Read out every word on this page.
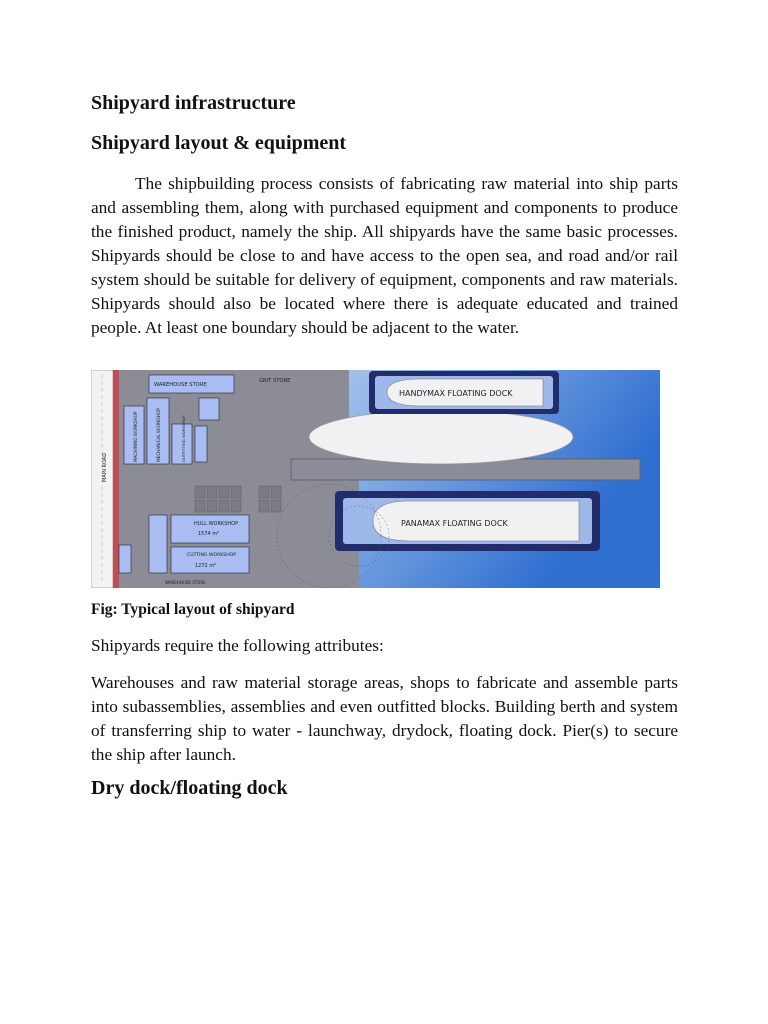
Shipyard infrastructure
Shipyard layout & equipment

The shipbuilding process consists of fabricating raw material into ship parts and assembling them, along with purchased equipment and components to produce the finished product, namely the ship. All shipyards have the same basic processes. Shipyards should be close to and have access to the open sea, and road and/or rail system should be suitable for delivery of equipment, components and raw materials. Shipyards should also be located where there is adequate educated and trained people. At least one boundary should be adjacent to the water.

MAIN ROAD
WAREHOUSE STORE
GRIT STORE
MACHINING WORKSHOP	MECHANICAL WORKSHOP	OUTFITTING WORKSHOP
HULL WORKSHOP
1574 m²
CUTTING WORKSHOP
1272 m²
WAREHOUSE STORE
HANDYMAX FLOATING DOCK
PANAMAX FLOATING DOCK

Fig: Typical layout of shipyard

Shipyards require the following attributes:

Warehouses and raw material storage areas, shops to fabricate and assemble parts into subassemblies, assemblies and even outfitted blocks. Building berth and system of transferring ship to water - launchway, drydock, floating dock. Pier(s) to secure the ship after launch.

Dry dock/floating dock
